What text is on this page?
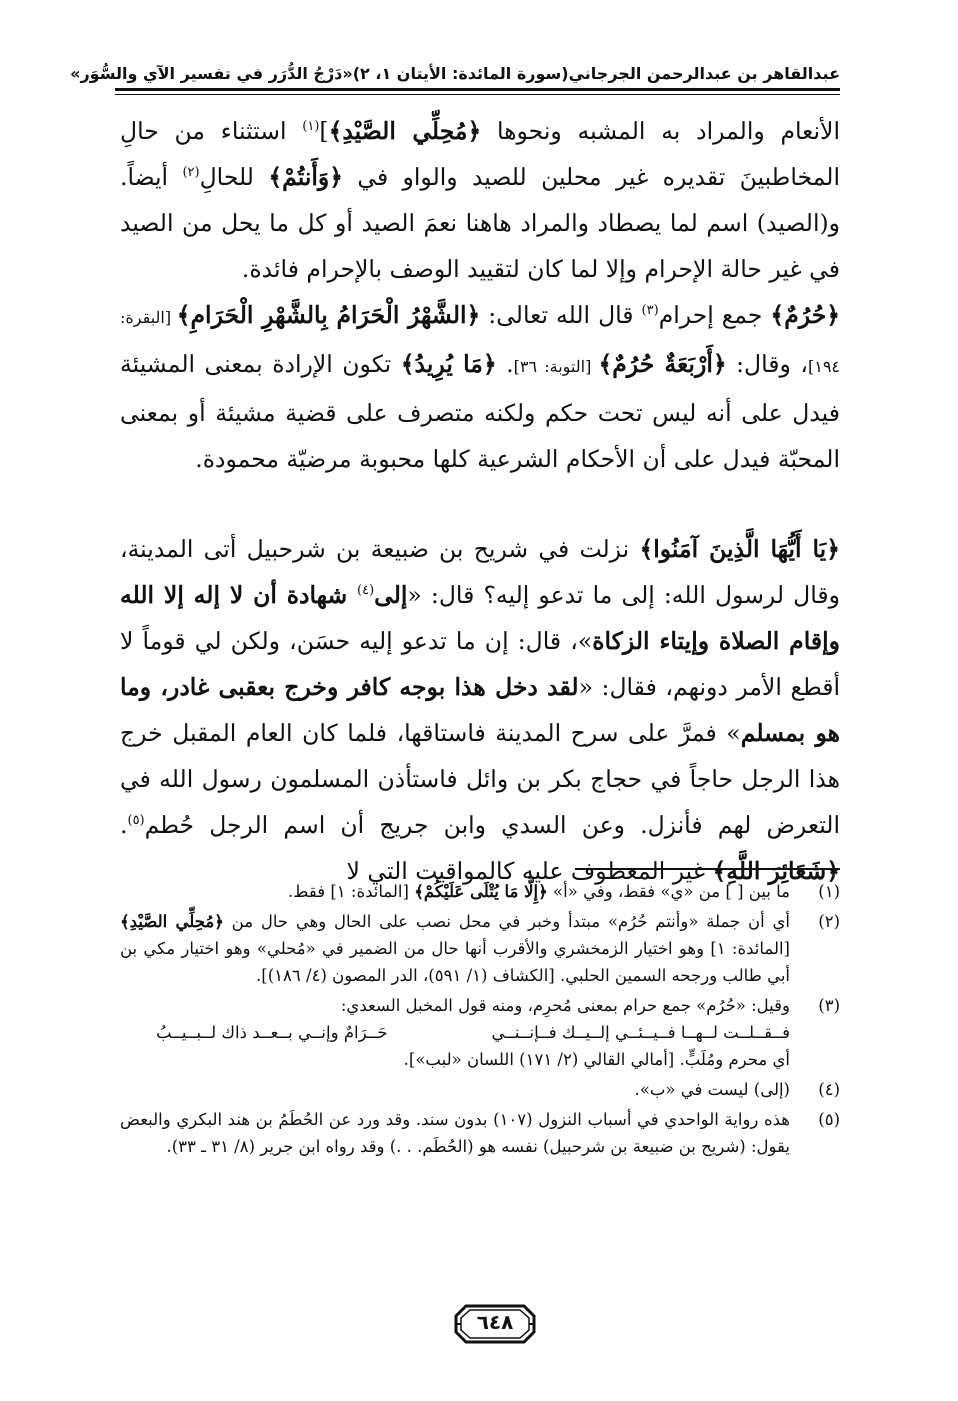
عبدالقاهر بن عبدالرحمن الجرجاني
(سورة المائدة: الأيتان ١، ٢)
«دَرْجُ الدُّرَر في تفسير الآي والسُّوَر»

الأنعام والمراد به المشبه ونحوها ﴿مُحِلِّي الصَّيْدِ﴾]$^{(١)}$ استثناء من حالِ المخاطبينَ تقديره غير محلين للصيد والواو في ﴿وَأَنتُمْ﴾ للحالِ$^{(٢)}$ أيضاً. و(الصيد) اسم لما يصطاد والمراد هاهنا نعمَ الصيد أو كل ما يحل من الصيد في غير حالة الإحرام وإلا لما كان لتقييد الوصف بالإحرام فائدة.

﴿حُرُمٌ﴾ جمع إحرام$^{(٣)}$ قال الله تعالى: ﴿الشَّهْرُ الْحَرَامُ بِالشَّهْرِ الْحَرَامِ﴾ [البقرة: ١٩٤]، وقال: ﴿أَرْبَعَةٌ حُرُمٌ﴾ [التوبة: ٣٦]. ﴿مَا يُرِيدُ﴾ تكون الإرادة بمعنى المشيئة فيدل على أنه ليس تحت حكم ولكنه متصرف على قضية مشيئة أو بمعنى المحبّة فيدل على أن الأحكام الشرعية كلها محبوبة مرضيّة محمودة.

﴿يَا أَيُّهَا الَّذِينَ آمَنُوا﴾ نزلت في شريح بن ضبيعة بن شرحبيل أتى المدينة، وقال لرسول الله: إلى ما تدعو إليه؟ قال: «إلى$^{(٤)}$ شهادة أن لا إله إلا الله وإقام الصلاة وإيتاء الزكاة»، قال: إن ما تدعو إليه حسَن، ولكن لي قوماً لا أقطع الأمر دونهم، فقال: «لقد دخل هذا بوجه كافر وخرج بعقبى غادر، وما هو بمسلم» فمرَّ على سرح المدينة فاستاقها، فلما كان العام المقبل خرج هذا الرجل حاجاً في حجاج بكر بن وائل فاستأذن المسلمون رسول الله في التعرض لهم فأنزل. وعن السدي وابن جريج أن اسم الرجل حُطم$^{(٥)}$. ﴿شَعَائِرَ اللَّهِ﴾ غير المعطوف عليه كالمواقيت التي لا

(١)
ما بين [ ] من «ي» فقط، وفي «أ» ﴿إِلَّا مَا يُتْلَى عَلَيْكُمْ﴾ [المائدة: ١] فقط.
(٢)
أي أن جملة «وأنتم حُرُم» مبتدأ وخبر في محل نصب على الحال وهي حال من ﴿مُحِلِّي الصَّيْدِ﴾ [المائدة: ١] وهو اختيار الزمخشري والأقرب أنها حال من الضمير في «مُحلي» وهو اختيار مكي بن أبي طالب ورجحه السمين الحلبي. [الكشاف (١/ ٥٩١)، الدر المصون (٤/ ١٨٦)].
(٣)
وقيل: «حُرُم» جمع حرام بمعنى مُحرِم، ومنه قول المخبل السعدي:
فــقــلــت لــهــا فــيــئــي إلــيــك فــإنــنــي
حَــرَامٌ وإنــي بــعــد ذاك لــبــيــبُ
أي محرم ومُلَبٍّ. [أمالي القالي (٢/ ١٧١) اللسان «لبب»].
(٤)
(إلى) ليست في «ب».
(٥)
هذه رواية الواحدي في أسباب النزول (١٠٧) بدون سند. وقد ورد عن الحُطَمُ بن هند البكري والبعض يقول: (شريح بن ضبيعة بن شرحبيل) نفسه هو (الحُطَم. . .) وقد رواه ابن جرير (٨/ ٣١ ـ ٣٣).
٦٤٨
